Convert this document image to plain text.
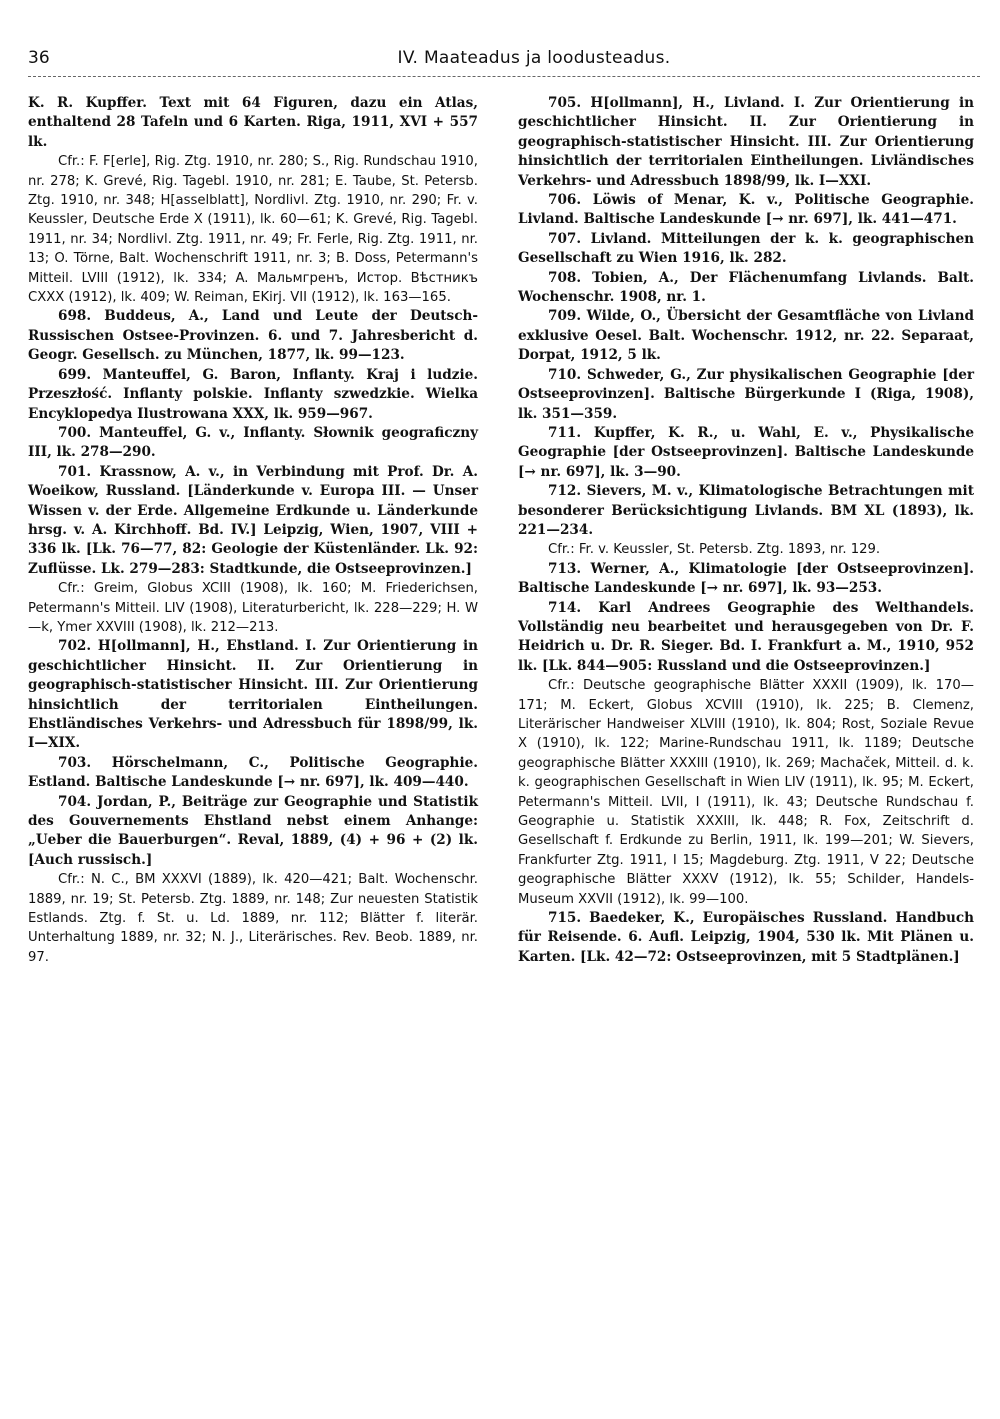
36	IV. Maateadus ja loodusteadus.

K. R. Kupffer. Text mit 64 Figuren, dazu ein Atlas, enthaltend 28 Tafeln und 6 Karten. Riga, 1911, XVI + 557 lk.

Cfr.: F. F[erle], Rig. Ztg. 1910, nr. 280; S., Rig. Rundschau 1910, nr. 278; K. Grevé, Rig. Tagebl. 1910, nr. 281; E. Taube, St. Petersb. Ztg. 1910, nr. 348; H[asselblatt], Nordlivl. Ztg. 1910, nr. 290; Fr. v. Keussler, Deutsche Erde X (1911), lk. 60—61; K. Grevé, Rig. Tagebl. 1911, nr. 34; Nordlivl. Ztg. 1911, nr. 49; Fr. Ferle, Rig. Ztg. 1911, nr. 13; O. Törne, Balt. Wochenschrift 1911, nr. 3; B. Doss, Petermann's Mitteil. LVIII (1912), lk. 334; A. Мальмгренъ, Истор. Вѣстникъ CXXX (1912), lk. 409; W. Reiman, EKirj. VII (1912), lk. 163—165.

698. Buddeus, A., Land und Leute der Deutsch-Russischen Ostsee-Provinzen. 6. und 7. Jahresbericht d. Geogr. Gesellsch. zu München, 1877, lk. 99—123.

699. Manteuffel, G. Baron, Inflanty. Kraj i ludzie. Przeszłość. Inflanty polskie. Inflanty szwedzkie. Wielka Encyklopedya Ilustrowana XXX, lk. 959—967.

700. Manteuffel, G. v., Inflanty. Słownik geograficzny III, lk. 278—290.

701. Krassnow, A. v., in Verbindung mit Prof. Dr. A. Woeikow, Russland. [Länderkunde v. Europa III. — Unser Wissen v. der Erde. Allgemeine Erdkunde u. Länderkunde hrsg. v. A. Kirchhoff. Bd. IV.] Leipzig, Wien, 1907, VIII + 336 lk. [Lk. 76—77, 82: Geologie der Küstenländer. Lk. 92: Zuflüsse. Lk. 279—283: Stadtkunde, die Ostseeprovinzen.]

Cfr.: Greim, Globus XCIII (1908), lk. 160; M. Friederichsen, Petermann's Mitteil. LIV (1908), Literaturbericht, lk. 228—229; H. W—k, Ymer XXVIII (1908), lk. 212—213.

702. H[ollmann], H., Ehstland. I. Zur Orientierung in geschichtlicher Hinsicht. II. Zur Orientierung in geographisch-statistischer Hinsicht. III. Zur Orientierung hinsichtlich der territorialen Eintheilungen. Ehstländisches Verkehrs- und Adressbuch für 1898/99, lk. I—XIX.

703. Hörschelmann, C., Politische Geographie. Estland. Baltische Landeskunde [→ nr. 697], lk. 409—440.

704. Jordan, P., Beiträge zur Geographie und Statistik des Gouvernements Ehstland nebst einem Anhange: „Ueber die Bauerburgen“. Reval, 1889, (4) + 96 + (2) lk. [Auch russisch.]

Cfr.: N. C., BM XXXVI (1889), lk. 420—421; Balt. Wochenschr. 1889, nr. 19; St. Petersb. Ztg. 1889, nr. 148; Zur neuesten Statistik Estlands. Ztg. f. St. u. Ld. 1889, nr. 112; Blätter f. literär. Unterhaltung 1889, nr. 32; N. J., Literärisches. Rev. Beob. 1889, nr. 97.

705. H[ollmann], H., Livland. I. Zur Orientierung in geschichtlicher Hinsicht. II. Zur Orientierung in geographisch-statistischer Hinsicht. III. Zur Orientierung hinsichtlich der territorialen Eintheilungen. Livländisches Verkehrs- und Adressbuch 1898/99, lk. I—XXI.

706. Löwis of Menar, K. v., Politische Geographie. Livland. Baltische Landeskunde [→ nr. 697], lk. 441—471.

707. Livland. Mitteilungen der k. k. geographischen Gesellschaft zu Wien 1916, lk. 282.

708. Tobien, A., Der Flächenumfang Livlands. Balt. Wochenschr. 1908, nr. 1.

709. Wilde, O., Übersicht der Gesamtfläche von Livland exklusive Oesel. Balt. Wochenschr. 1912, nr. 22. Separaat, Dorpat, 1912, 5 lk.

710. Schweder, G., Zur physikalischen Geographie [der Ostseeprovinzen]. Baltische Bürgerkunde I (Riga, 1908), lk. 351—359.

711. Kupffer, K. R., u. Wahl, E. v., Physikalische Geographie [der Ostseeprovinzen]. Baltische Landeskunde [→ nr. 697], lk. 3—90.

712. Sievers, M. v., Klimatologische Betrachtungen mit besonderer Berücksichtigung Livlands. BM XL (1893), lk. 221—234.

Cfr.: Fr. v. Keussler, St. Petersb. Ztg. 1893, nr. 129.

713. Werner, A., Klimatologie [der Ostseeprovinzen]. Baltische Landeskunde [→ nr. 697], lk. 93—253.

714. Karl Andrees Geographie des Welthandels. Vollständig neu bearbeitet und herausgegeben von Dr. F. Heidrich u. Dr. R. Sieger. Bd. I. Frankfurt a. M., 1910, 952 lk. [Lk. 844—905: Russland und die Ostseeprovinzen.]

Cfr.: Deutsche geographische Blätter XXXII (1909), lk. 170—171; M. Eckert, Globus XCVIII (1910), lk. 225; B. Clemenz, Literärischer Handweiser XLVIII (1910), lk. 804; Rost, Soziale Revue X (1910), lk. 122; Marine-Rundschau 1911, lk. 1189; Deutsche geographische Blätter XXXIII (1910), lk. 269; Machaček, Mitteil. d. k. k. geographischen Gesellschaft in Wien LIV (1911), lk. 95; M. Eckert, Petermann's Mitteil. LVII, I (1911), lk. 43; Deutsche Rundschau f. Geographie u. Statistik XXXIII, lk. 448; R. Fox, Zeitschrift d. Gesellschaft f. Erdkunde zu Berlin, 1911, lk. 199—201; W. Sievers, Frankfurter Ztg. 1911, I 15; Magdeburg. Ztg. 1911, V 22; Deutsche geographische Blätter XXXV (1912), lk. 55; Schilder, Handels-Museum XXVII (1912), lk. 99—100.

715. Baedeker, K., Europäisches Russland. Handbuch für Reisende. 6. Aufl. Leipzig, 1904, 530 lk. Mit Plänen u. Karten. [Lk. 42—72: Ostseeprovinzen, mit 5 Stadtplänen.]
